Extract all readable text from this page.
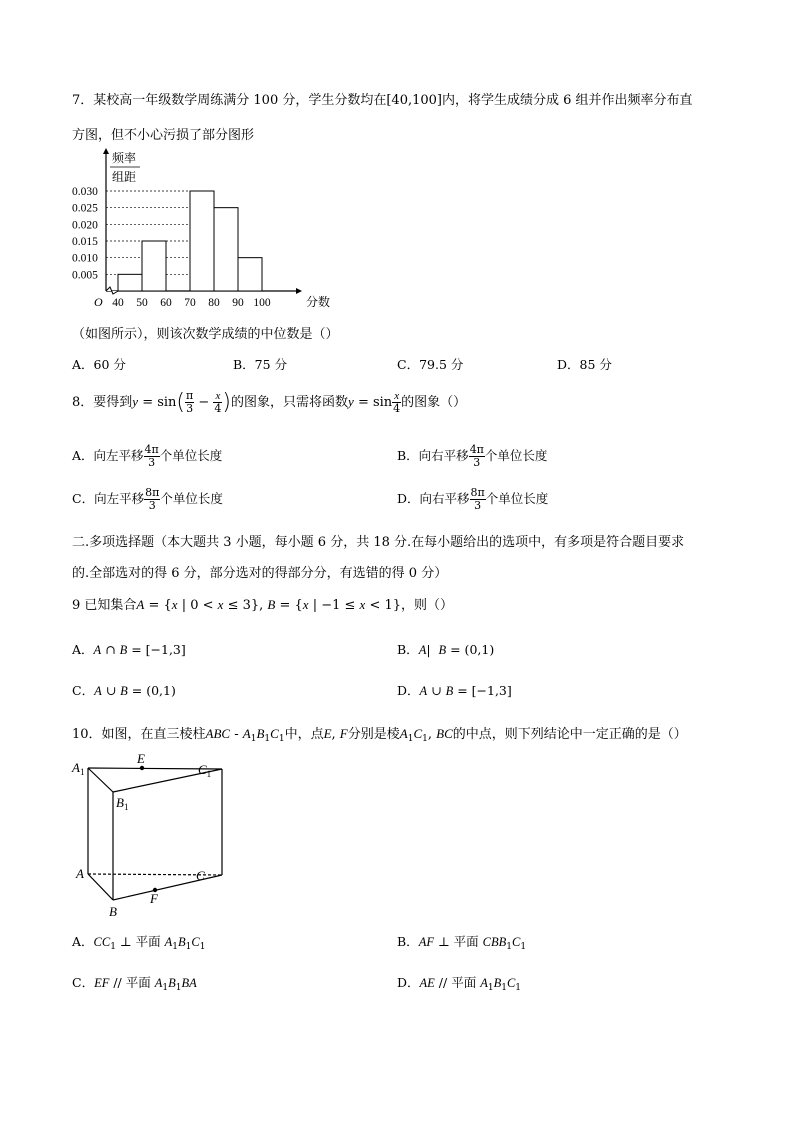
7．某校高一年级数学周练满分 100 分，学生分数均在[40,100]内，将学生成绩分成 6 组并作出频率分布直
方图，但不小心污损了部分图形
频率
组距
0.030
0.025
0.020
0.015
0.010
0.005
40 50 60 70 80 90 100
O	分数
（如图所示），则该次数学成绩的中位数是（）
A．60 分	B．75 分	C．79.5 分	D．85 分
8．要得到$y = \sin( \frac{\pi}{3} - \frac{x}{4}$ )的图象，只需将函数$y = \sin \frac{x}{4}$ 的图象（）
A．向左平移 $\frac{4\pi}{3}$ 个单位长度	B．向右平移 $\frac{4\pi}{3}$ 个单位长度
C．向左平移 $\frac{8\pi}{3}$ 个单位长度	D．向右平移 $\frac{8\pi}{3}$ 个单位长度
二.多项选择题（本大题共 3 小题，每小题 6 分，共 18 分.在每小题给出的选项中，有多项是符合题目要求
的.全部选对的得 6 分，部分选对的得部分分，有选错的得 0 分）
9 已知集合A = {x | 0 < x ≤ 3}, B = {x | −1 ≤ x < 1}，则（）
A．A ∩ B = [−1,3]	B．A|  B = (0,1)
C．A ∪ B = (0,1)	D．A ∪ B = [−1,3]
10．如图，在直三棱柱ABC - $A_1B_1C_1$中，点E, F分别是棱$A_1C_1$, BC的中点，则下列结论中一定正确的是（）
$A_1$
E
$C_1$
$B_1$
A	C
F
B
A．$CC_1$ ⊥ 平面 $A_1B_1C_1$	B．AF ⊥ 平面 $CBB_1C_1$
C．EF // 平面 $A_1B_1BA$	D．AE // 平面 $A_1B_1C_1$
